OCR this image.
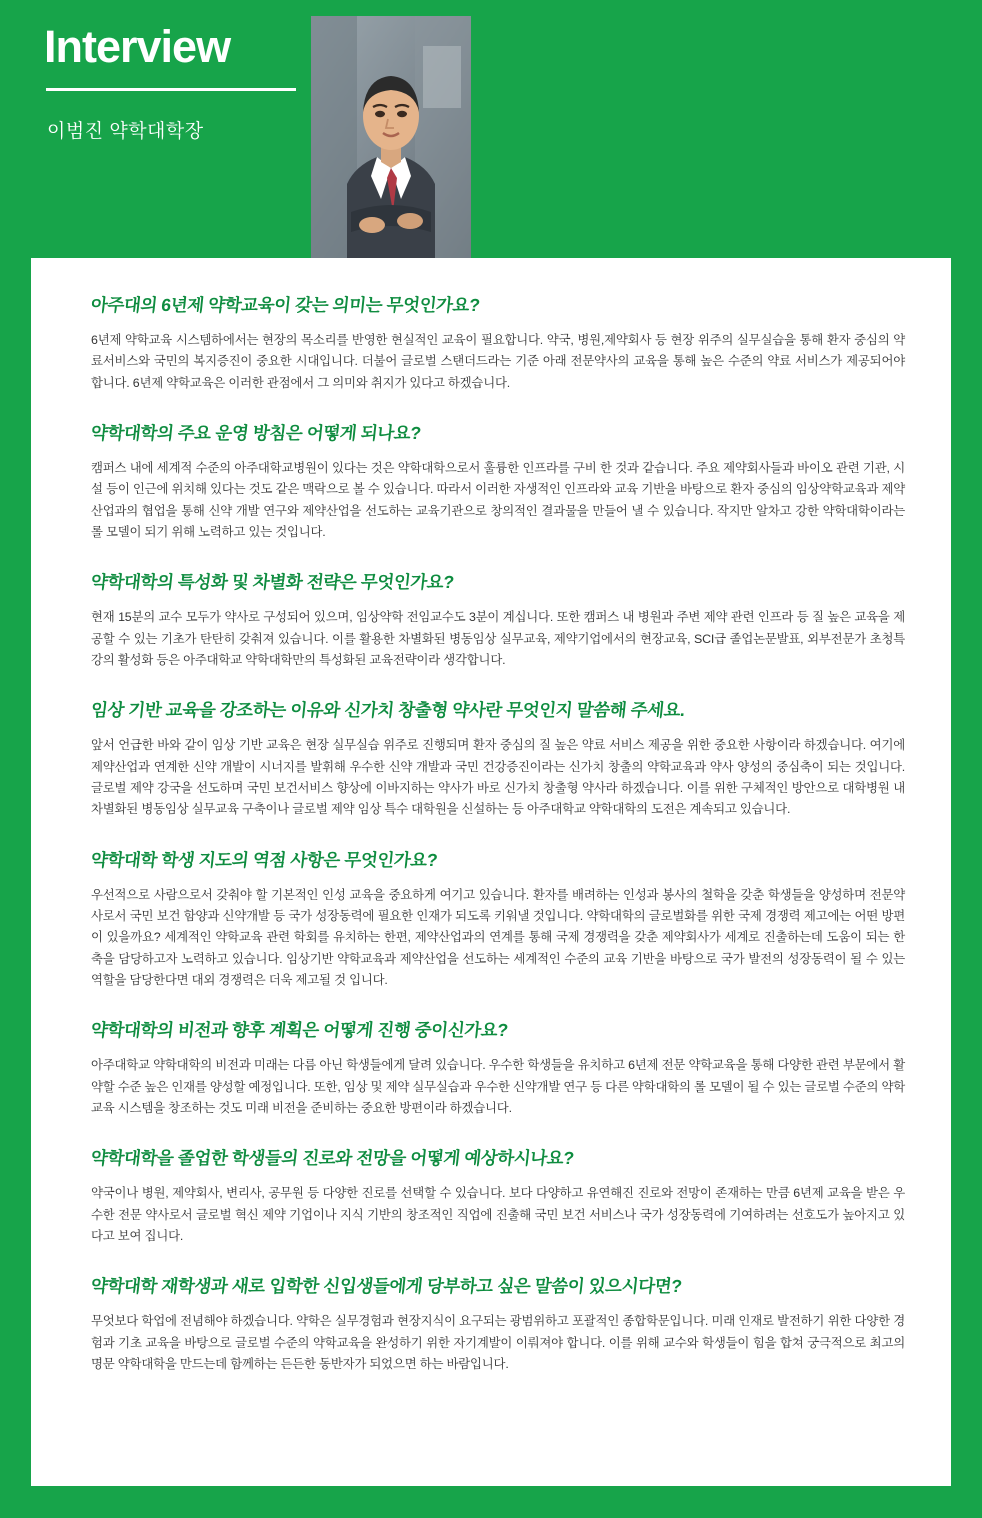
Interview
이범진 약학대학장
아주대의 6년제 약학교육이 갖는 의미는 무엇인가요?

6년제 약학교육 시스템하에서는 현장의 목소리를 반영한 현실적인 교육이 필요합니다. 약국, 병원,제약회사 등 현장 위주의 실무실습을 통해 환자 중심의 약료서비스와 국민의 복지증진이 중요한 시대입니다. 더불어 글로벌 스탠더드라는 기준 아래 전문약사의 교육을 통해 높은 수준의 약료 서비스가 제공되어야 합니다. 6년제 약학교육은 이러한 관점에서 그 의미와 취지가 있다고 하겠습니다.

약학대학의 주요 운영 방침은 어떻게 되나요?

캠퍼스 내에 세계적 수준의 아주대학교병원이 있다는 것은 약학대학으로서 훌륭한 인프라를 구비 한 것과 같습니다. 주요 제약회사들과 바이오 관련 기관, 시설 등이 인근에 위치해 있다는 것도 같은 맥락으로 볼 수 있습니다. 따라서 이러한 자생적인 인프라와 교육 기반을 바탕으로 환자 중심의 임상약학교육과 제약 산업과의 협업을 통해 신약 개발 연구와 제약산업을 선도하는 교육기관으로 창의적인 결과물을 만들어 낼 수 있습니다. 작지만 알차고 강한 약학대학이라는 롤 모델이 되기 위해 노력하고 있는 것입니다.

약학대학의 특성화 및 차별화 전략은 무엇인가요?

현재 15분의 교수 모두가 약사로 구성되어 있으며, 임상약학 전임교수도 3분이 계십니다. 또한 캠퍼스 내 병원과 주변 제약 관련 인프라 등 질 높은 교육을 제공할 수 있는 기초가 탄탄히 갖춰져 있습니다. 이를 활용한 차별화된 병동임상 실무교육, 제약기업에서의 현장교육, SCI급 졸업논문발표, 외부전문가 초청특강의 활성화 등은 아주대학교 약학대학만의 특성화된 교육전략이라 생각합니다.

임상 기반 교육을 강조하는 이유와 신가치 창출형 약사란 무엇인지 말씀해 주세요.

앞서 언급한 바와 같이 임상 기반 교육은 현장 실무실습 위주로 진행되며 환자 중심의 질 높은 약료 서비스 제공을 위한 중요한 사항이라 하겠습니다. 여기에 제약산업과 연계한 신약 개발이 시너지를 발휘해 우수한 신약 개발과 국민 건강증진이라는 신가치 창출의 약학교육과 약사 양성의 중심축이 되는 것입니다. 글로벌 제약 강국을 선도하며 국민 보건서비스 향상에 이바지하는 약사가 바로 신가치 창출형 약사라 하겠습니다. 이를 위한 구체적인 방안으로 대학병원 내 차별화된 병동임상 실무교육 구축이나 글로벌 제약 임상 특수 대학원을 신설하는 등 아주대학교 약학대학의 도전은 계속되고 있습니다.

약학대학 학생 지도의 역점 사항은 무엇인가요?

우선적으로 사람으로서 갖춰야 할 기본적인 인성 교육을 중요하게 여기고 있습니다. 환자를 배려하는 인성과 봉사의 철학을 갖춘 학생들을 양성하며 전문약사로서 국민 보건 함양과 신약개발 등 국가 성장동력에 필요한 인재가 되도록 키워낼 것입니다. 약학대학의 글로벌화를 위한 국제 경쟁력 제고에는 어떤 방편이 있을까요? 세계적인 약학교육 관련 학회를 유치하는 한편, 제약산업과의 연계를 통해 국제 경쟁력을 갖춘 제약회사가 세계로 진출하는데 도움이 되는 한 축을 담당하고자 노력하고 있습니다. 임상기반 약학교육과 제약산업을 선도하는 세계적인 수준의 교육 기반을 바탕으로 국가 발전의 성장동력이 될 수 있는 역할을 담당한다면 대외 경쟁력은 더욱 제고될 것 입니다.

약학대학의 비전과 향후 계획은 어떻게 진행 중이신가요?

아주대학교 약학대학의 비전과 미래는 다름 아닌 학생들에게 달려 있습니다. 우수한 학생들을 유치하고 6년제 전문 약학교육을 통해 다양한 관련 부문에서 활약할 수준 높은 인재를 양성할 예정입니다. 또한, 임상 및 제약 실무실습과 우수한 신약개발 연구 등 다른 약학대학의 롤 모델이 될 수 있는 글로벌 수준의 약학 교육 시스템을 창조하는 것도 미래 비전을 준비하는 중요한 방편이라 하겠습니다.

약학대학을 졸업한 학생들의 진로와 전망을 어떻게 예상하시나요?

약국이나 병원, 제약회사, 변리사, 공무원 등 다양한 진로를 선택할 수 있습니다. 보다 다양하고 유연해진 진로와 전망이 존재하는 만큼 6년제 교육을 받은 우수한 전문 약사로서 글로벌 혁신 제약 기업이나 지식 기반의 창조적인 직업에 진출해 국민 보건 서비스나 국가 성장동력에 기여하려는 선호도가 높아지고 있다고 보여 집니다.

약학대학 재학생과 새로 입학한 신입생들에게 당부하고 싶은 말씀이 있으시다면?

무엇보다 학업에 전념해야 하겠습니다. 약학은 실무경험과 현장지식이 요구되는 광범위하고 포괄적인 종합학문입니다. 미래 인재로 발전하기 위한 다양한 경험과 기초 교육을 바탕으로 글로벌 수준의 약학교육을 완성하기 위한 자기계발이 이뤄져야 합니다. 이를 위해 교수와 학생들이 힘을 합쳐 궁극적으로 최고의 명문 약학대학을 만드는데 함께하는 든든한 동반자가 되었으면 하는 바람입니다.
